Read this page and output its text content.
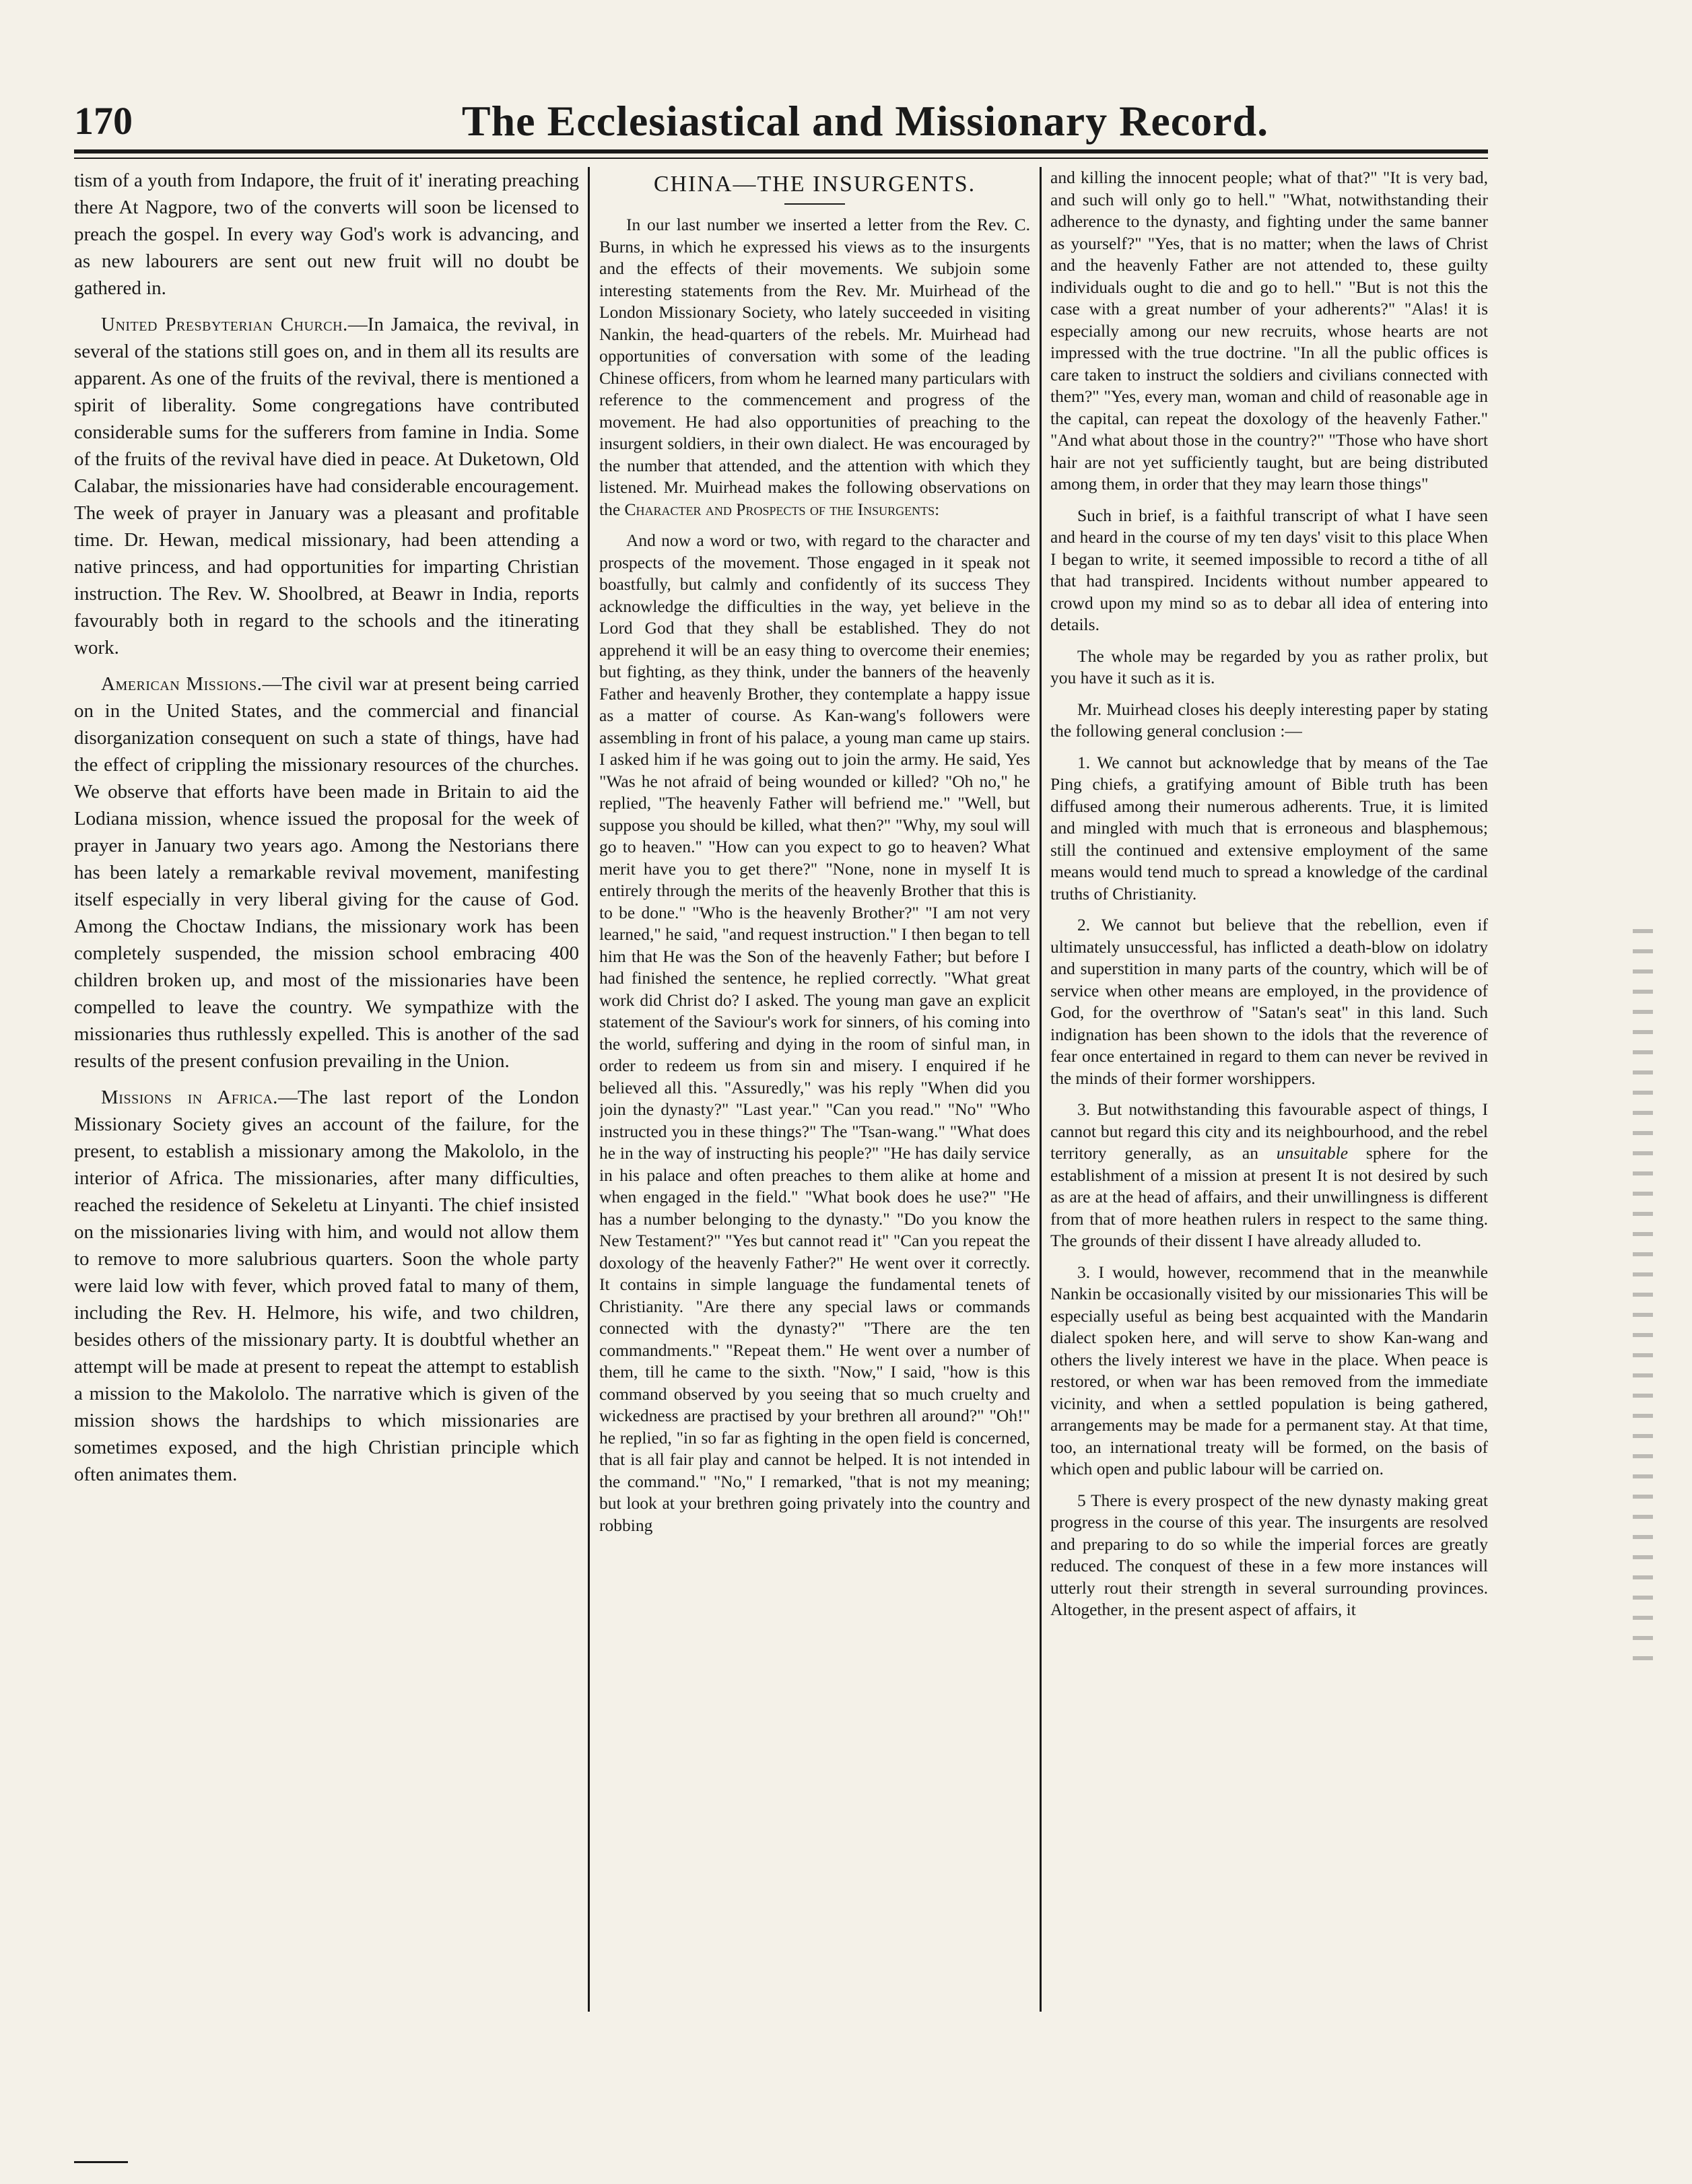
170	The Ecclesiastical and Missionary Record.

tism of a youth from Indapore, the fruit of it' inerating preaching there At Nagpore, two of the converts will soon be licensed to preach the gospel. In every way God's work is advancing, and as new labourers are sent out new fruit will no doubt be gathered in.

United Presbyterian Church.—In Jamaica, the revival, in several of the stations still goes on, and in them all its results are apparent. As one of the fruits of the revival, there is mentioned a spirit of liberality. Some congregations have contributed considerable sums for the sufferers from famine in India. Some of the fruits of the revival have died in peace. At Duketown, Old Calabar, the missionaries have had considerable encouragement. The week of prayer in January was a pleasant and profitable time. Dr. Hewan, medical missionary, had been attending a native princess, and had opportunities for imparting Christian instruction. The Rev. W. Shoolbred, at Beawr in India, reports favourably both in regard to the schools and the itinerating work.

American Missions.—The civil war at present being carried on in the United States, and the commercial and financial disorganization consequent on such a state of things, have had the effect of crippling the missionary resources of the churches. We observe that efforts have been made in Britain to aid the Lodiana mission, whence issued the proposal for the week of prayer in January two years ago. Among the Nestorians there has been lately a remarkable revival movement, manifesting itself especially in very liberal giving for the cause of God. Among the Choctaw Indians, the missionary work has been completely suspended, the mission school embracing 400 children broken up, and most of the missionaries have been compelled to leave the country. We sympathize with the missionaries thus ruthlessly expelled. This is another of the sad results of the present confusion prevailing in the Union.

Missions in Africa.—The last report of the London Missionary Society gives an account of the failure, for the present, to establish a missionary among the Makololo, in the interior of Africa. The missionaries, after many difficulties, reached the residence of Sekeletu at Linyanti. The chief insisted on the missionaries living with him, and would not allow them to remove to more salubrious quarters. Soon the whole party were laid low with fever, which proved fatal to many of them, including the Rev. H. Helmore, his wife, and two children, besides others of the missionary party. It is doubtful whether an attempt will be made at present to repeat the attempt to establish a mission to the Makololo. The narrative which is given of the mission shows the hardships to which missionaries are sometimes exposed, and the high Christian principle which often animates them.

CHINA—THE INSURGENTS.

In our last number we inserted a letter from the Rev. C. Burns, in which he expressed his views as to the insurgents and the effects of their movements. We subjoin some interesting statements from the Rev. Mr. Muirhead of the London Missionary Society, who lately succeeded in visiting Nankin, the head-quarters of the rebels. Mr. Muirhead had opportunities of conversation with some of the leading Chinese officers, from whom he learned many particulars with reference to the commencement and progress of the movement. He had also opportunities of preaching to the insurgent soldiers, in their own dialect. He was encouraged by the number that attended, and the attention with which they listened. Mr. Muirhead makes the following observations on the Character and Prospects of the Insurgents:

And now a word or two, with regard to the character and prospects of the movement. Those engaged in it speak not boastfully, but calmly and confidently of its success They acknowledge the difficulties in the way, yet believe in the Lord God that they shall be established. They do not apprehend it will be an easy thing to overcome their enemies; but fighting, as they think, under the banners of the heavenly Father and heavenly Brother, they contemplate a happy issue as a matter of course. As Kan-wang's followers were assembling in front of his palace, a young man came up stairs. I asked him if he was going out to join the army. He said, Yes "Was he not afraid of being wounded or killed? "Oh no," he replied, "The heavenly Father will befriend me." "Well, but suppose you should be killed, what then?" "Why, my soul will go to heaven." "How can you expect to go to heaven? What merit have you to get there?" "None, none in myself It is entirely through the merits of the heavenly Brother that this is to be done." "Who is the heavenly Brother?" "I am not very learned," he said, "and request instruction." I then began to tell him that He was the Son of the heavenly Father; but before I had finished the sentence, he replied correctly. "What great work did Christ do? I asked. The young man gave an explicit statement of the Saviour's work for sinners, of his coming into the world, suffering and dying in the room of sinful man, in order to redeem us from sin and misery. I enquired if he believed all this. "Assuredly," was his reply "When did you join the dynasty?" "Last year." "Can you read." "No" "Who instructed you in these things?" The "Tsan-wang." "What does he in the way of instructing his people?" "He has daily service in his palace and often preaches to them alike at home and when engaged in the field." "What book does he use?" "He has a number belonging to the dynasty." "Do you know the New Testament?" "Yes but cannot read it" "Can you repeat the doxology of the heavenly Father?" He went over it correctly. It contains in simple language the fundamental tenets of Christianity. "Are there any special laws or commands connected with the dynasty?" "There are the ten commandments." "Repeat them." He went over a number of them, till he came to the sixth. "Now," I said, "how is this command observed by you seeing that so much cruelty and wickedness are practised by your brethren all around?" "Oh!" he replied, "in so far as fighting in the open field is concerned, that is all fair play and cannot be helped. It is not intended in the command." "No," I remarked, "that is not my meaning; but look at your brethren going privately into the country and robbing

and killing the innocent people; what of that?" "It is very bad, and such will only go to hell." "What, notwithstanding their adherence to the dynasty, and fighting under the same banner as yourself?" "Yes, that is no matter; when the laws of Christ and the heavenly Father are not attended to, these guilty individuals ought to die and go to hell." "But is not this the case with a great number of your adherents?" "Alas! it is especially among our new recruits, whose hearts are not impressed with the true doctrine. "In all the public offices is care taken to instruct the soldiers and civilians connected with them?" "Yes, every man, woman and child of reasonable age in the capital, can repeat the doxology of the heavenly Father." "And what about those in the country?" "Those who have short hair are not yet sufficiently taught, but are being distributed among them, in order that they may learn those things"

Such in brief, is a faithful transcript of what I have seen and heard in the course of my ten days' visit to this place When I began to write, it seemed impossible to record a tithe of all that had transpired. Incidents without number appeared to crowd upon my mind so as to debar all idea of entering into details.

The whole may be regarded by you as rather prolix, but you have it such as it is.

Mr. Muirhead closes his deeply interesting paper by stating the following general conclusion :—

1. We cannot but acknowledge that by means of the Tae Ping chiefs, a gratifying amount of Bible truth has been diffused among their numerous adherents. True, it is limited and mingled with much that is erroneous and blasphemous; still the continued and extensive employment of the same means would tend much to spread a knowledge of the cardinal truths of Christianity.

2. We cannot but believe that the rebellion, even if ultimately unsuccessful, has inflicted a death-blow on idolatry and superstition in many parts of the country, which will be of service when other means are employed, in the providence of God, for the overthrow of "Satan's seat" in this land. Such indignation has been shown to the idols that the reverence of fear once entertained in regard to them can never be revived in the minds of their former worshippers.

3. But notwithstanding this favourable aspect of things, I cannot but regard this city and its neighbourhood, and the rebel territory generally, as an unsuitable sphere for the establishment of a mission at present It is not desired by such as are at the head of affairs, and their unwillingness is different from that of more heathen rulers in respect to the same thing. The grounds of their dissent I have already alluded to.

3. I would, however, recommend that in the meanwhile Nankin be occasionally visited by our missionaries This will be especially useful as being best acquainted with the Mandarin dialect spoken here, and will serve to show Kan-wang and others the lively interest we have in the place. When peace is restored, or when war has been removed from the immediate vicinity, and when a settled population is being gathered, arrangements may be made for a permanent stay. At that time, too, an international treaty will be formed, on the basis of which open and public labour will be carried on.

5 There is every prospect of the new dynasty making great progress in the course of this year. The insurgents are resolved and preparing to do so while the imperial forces are greatly reduced. The conquest of these in a few more instances will utterly rout their strength in several surrounding provinces. Altogether, in the present aspect of affairs, it
